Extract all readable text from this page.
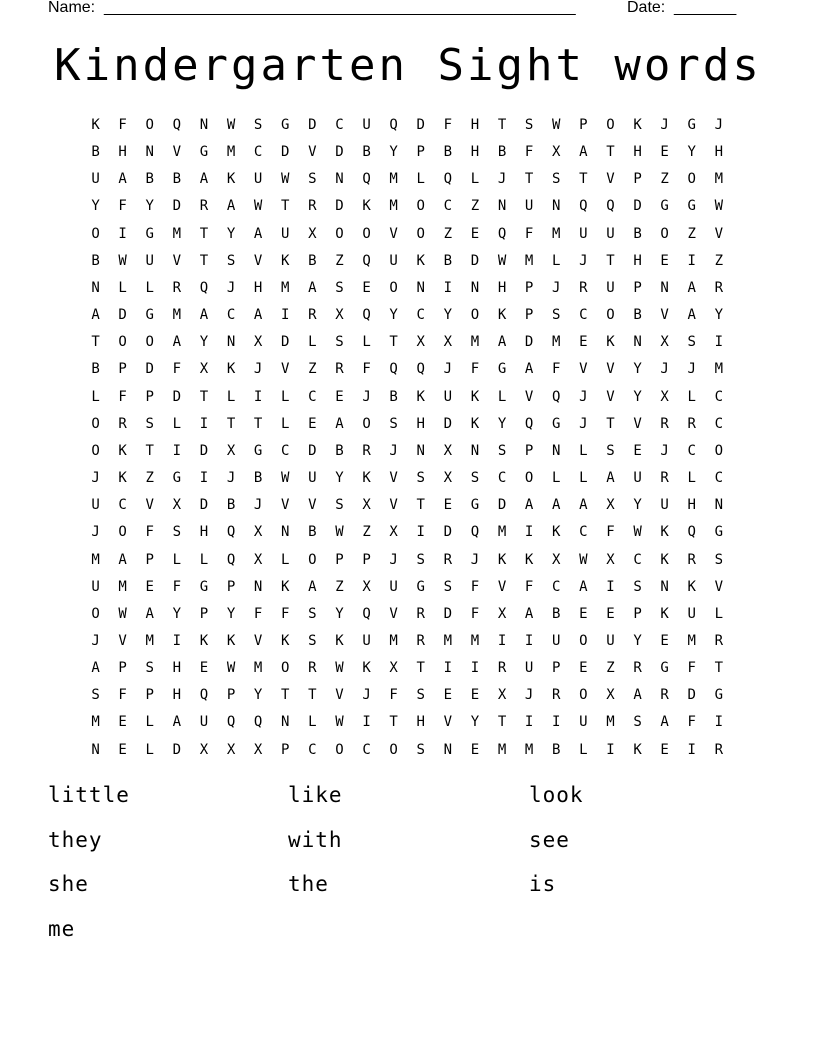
Name: _____________________________________________________	Date: _______
Kindergarten Sight words
K	F	O	Q	N	W	S	G	D	C	U	Q	D	F	H	T	S	W	P	O	K	J	G	J
B	H	N	V	G	M	C	D	V	D	B	Y	P	B	H	B	F	X	A	T	H	E	Y	H
U	A	B	B	A	K	U	W	S	N	Q	M	L	Q	L	J	T	S	T	V	P	Z	O	M
Y	F	Y	D	R	A	W	T	R	D	K	M	O	C	Z	N	U	N	Q	Q	D	G	G	W
O	I	G	M	T	Y	A	U	X	O	O	V	O	Z	E	Q	F	M	U	U	B	O	Z	V
B	W	U	V	T	S	V	K	B	Z	Q	U	K	B	D	W	M	L	J	T	H	E	I	Z
N	L	L	R	Q	J	H	M	A	S	E	O	N	I	N	H	P	J	R	U	P	N	A	R
A	D	G	M	A	C	A	I	R	X	Q	Y	C	Y	O	K	P	S	C	O	B	V	A	Y
T	O	O	A	Y	N	X	D	L	S	L	T	X	X	M	A	D	M	E	K	N	X	S	I
B	P	D	F	X	K	J	V	Z	R	F	Q	Q	J	F	G	A	F	V	V	Y	J	J	M
L	F	P	D	T	L	I	L	C	E	J	B	K	U	K	L	V	Q	J	V	Y	X	L	C
O	R	S	L	I	T	T	L	E	A	O	S	H	D	K	Y	Q	G	J	T	V	R	R	C
O	K	T	I	D	X	G	C	D	B	R	J	N	X	N	S	P	N	L	S	E	J	C	O
J	K	Z	G	I	J	B	W	U	Y	K	V	S	X	S	C	O	L	L	A	U	R	L	C
U	C	V	X	D	B	J	V	V	S	X	V	T	E	G	D	A	A	A	X	Y	U	H	N
J	O	F	S	H	Q	X	N	B	W	Z	X	I	D	Q	M	I	K	C	F	W	K	Q	G
M	A	P	L	L	Q	X	L	O	P	P	J	S	R	J	K	K	X	W	X	C	K	R	S
U	M	E	F	G	P	N	K	A	Z	X	U	G	S	F	V	F	C	A	I	S	N	K	V
O	W	A	Y	P	Y	F	F	S	Y	Q	V	R	D	F	X	A	B	E	E	P	K	U	L
J	V	M	I	K	K	V	K	S	K	U	M	R	M	M	I	I	U	O	U	Y	E	M	R
A	P	S	H	E	W	M	O	R	W	K	X	T	I	I	R	U	P	E	Z	R	G	F	T
S	F	P	H	Q	P	Y	T	T	V	J	F	S	E	E	X	J	R	O	X	A	R	D	G
M	E	L	A	U	Q	Q	N	L	W	I	T	H	V	Y	T	I	I	U	M	S	A	F	I
N	E	L	D	X	X	X	P	C	O	C	O	S	N	E	M	M	B	L	I	K	E	I	R
little	like	look
they	with	see
she	the	is
me
